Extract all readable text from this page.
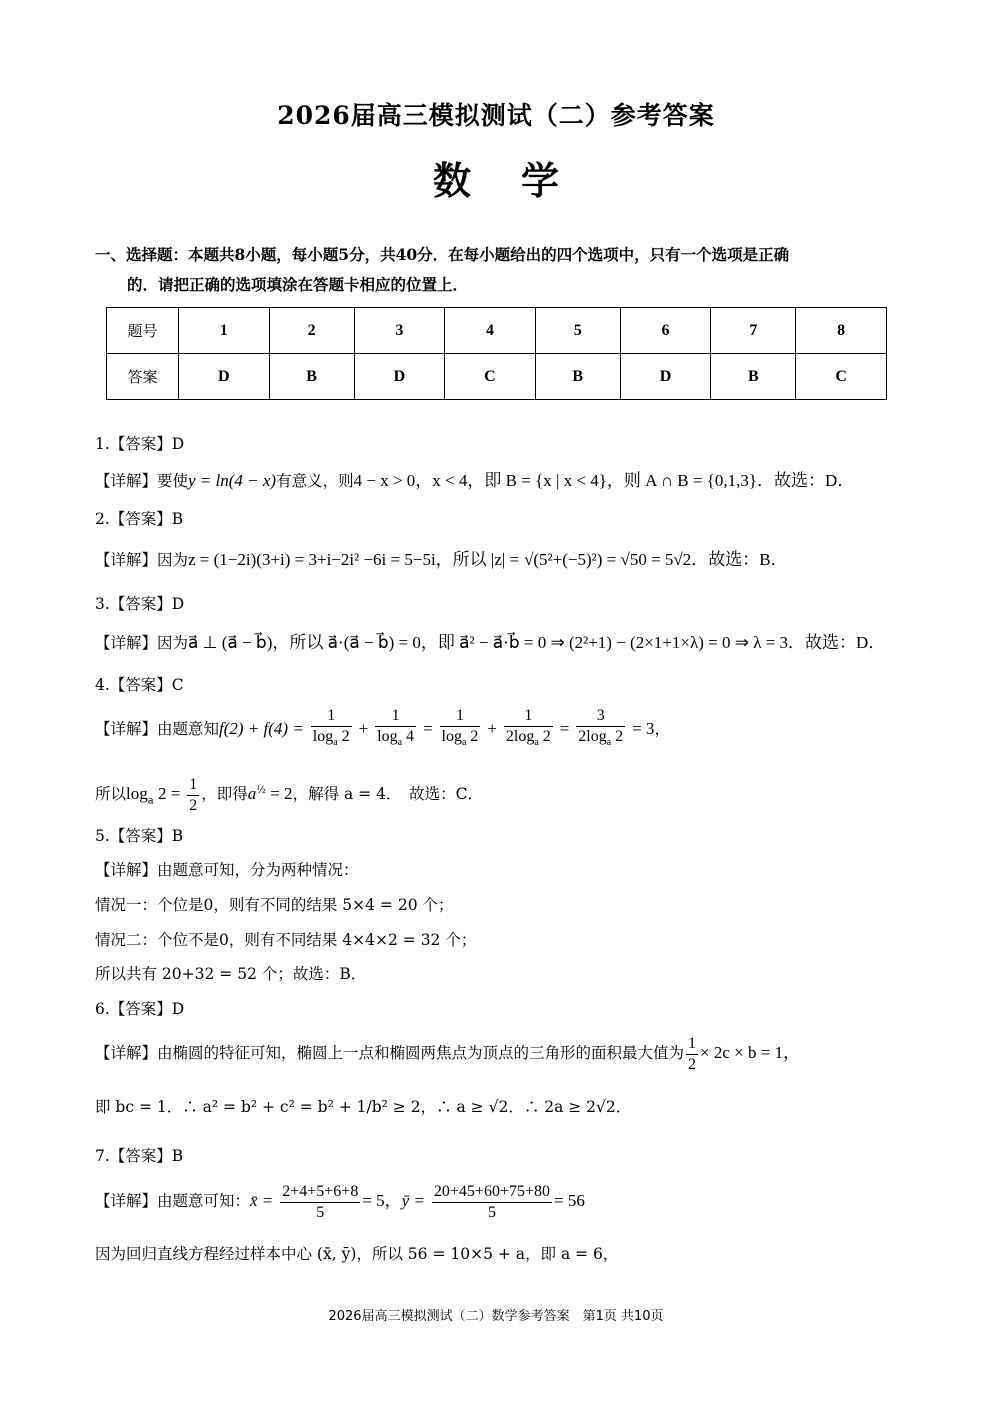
2026届高三模拟测试（二）参考答案
数学
一、选择题：本题共8小题，每小题5分，共40分．在每小题给出的四个选项中，只有一个选项是正确
的．请把正确的选项填涂在答题卡相应的位置上．
题号	1	2	3	4	5	6	7	8
答案	D	B	D	C	B	D	B	C
1.【答案】D
【详解】要使y = ln(4 − x)有意义，则4 − x > 0，x < 4，即 B = {x | x < 4}，则 A ∩ B = {0,1,3}．故选：D．
2.【答案】B
【详解】因为z = (1−2i)(3+i) = 3+i−2i² −6i = 5−5i，所以 |z| = √(5²+(−5)²) = √50 = 5√2．故选：B．
3.【答案】D
【详解】因为a⃗ ⊥ (a⃗ − b⃗)，所以 a⃗·(a⃗ − b⃗) = 0，即 a⃗² − a⃗·b⃗ = 0 ⇒ (2²+1) − (2×1+1×λ) = 0 ⇒ λ = 3．故选：D．
4.【答案】C
【详解】由题意知$f(2) + f(4) = \frac{1}{\log_a 2} + \frac{1}{\log_a 4} = \frac{1}{\log_a 2} + \frac{1}{2\log_a 2} = \frac{3}{2\log_a 2} = 3$，
所以$\log_a 2 = \frac{1}{2}$ ，即得$a^{\frac{1}{2}} = 2$，解得 a = 4．　故选：C．
5.【答案】B
【详解】由题意可知，分为两种情况：
情况一：个位是0，则有不同的结果 5×4 = 20 个；
情况二：个位不是0，则有不同结果 4×4×2 = 32 个；
所以共有 20+32 = 52 个；故选：B．
6.【答案】D
【详解】由椭圆的特征可知，椭圆上一点和椭圆两焦点为顶点的三角形的面积最大值为 $\frac{1}{2} \times 2c \times b = 1$，
即 bc = 1．∴ a² = b² + c² = b² + 1/b² ≥ 2，∴ a ≥ √2．∴ 2a ≥ 2√2．
7.【答案】B
【详解】由题意可知：x̄ = $\frac{2+4+5+6+8}{5} = 5$，ȳ = $\frac{20+45+60+75+80}{5} = 56$
因为回归直线方程经过样本中心 (x̄, ȳ)，所以 56 = 10×5 + a，即 a = 6，
2026届高三模拟测试（二）数学参考答案　第1页 共10页
